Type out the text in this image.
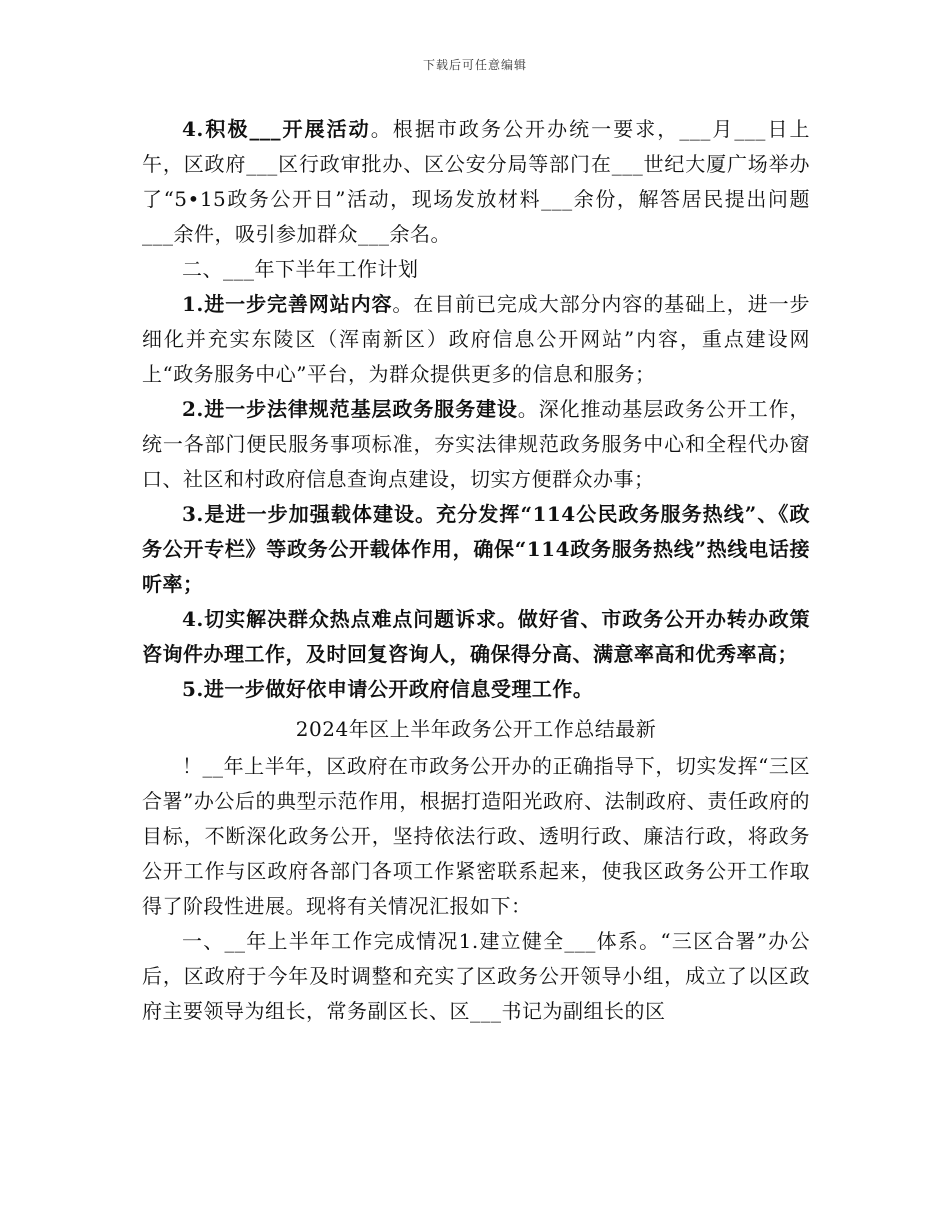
下载后可任意编辑

4.积极___开展活动。根据市政务公开办统一要求，___月___日上午，区政府___区行政审批办、区公安分局等部门在___世纪大厦广场举办了“5•15政务公开日”活动，现场发放材料___余份，解答居民提出问题___余件，吸引参加群众___余名。

二、___年下半年工作计划

1.进一步完善网站内容。在目前已完成大部分内容的基础上，进一步细化并充实东陵区（浑南新区）政府信息公开网站”内容，重点建设网上“政务服务中心”平台，为群众提供更多的信息和服务；

2.进一步法律规范基层政务服务建设。深化推动基层政务公开工作，统一各部门便民服务事项标准，夯实法律规范政务服务中心和全程代办窗口、社区和村政府信息查询点建设，切实方便群众办事；

3.是进一步加强载体建设。充分发挥“114公民政务服务热线”、《政务公开专栏》等政务公开载体作用，确保“114政务服务热线”热线电话接听率；

4.切实解决群众热点难点问题诉求。做好省、市政务公开办转办政策咨询件办理工作，及时回复咨询人，确保得分高、满意率高和优秀率高；

5.进一步做好依申请公开政府信息受理工作。

2024年区上半年政务公开工作总结最新

！__年上半年，区政府在市政务公开办的正确指导下，切实发挥“三区合署”办公后的典型示范作用，根据打造阳光政府、法制政府、责任政府的目标，不断深化政务公开，坚持依法行政、透明行政、廉洁行政，将政务公开工作与区政府各部门各项工作紧密联系起来，使我区政务公开工作取得了阶段性进展。现将有关情况汇报如下：

一、__年上半年工作完成情况1.建立健全___体系。“三区合署”办公后，区政府于今年及时调整和充实了区政务公开领导小组，成立了以区政府主要领导为组长，常务副区长、区___书记为副组长的区
